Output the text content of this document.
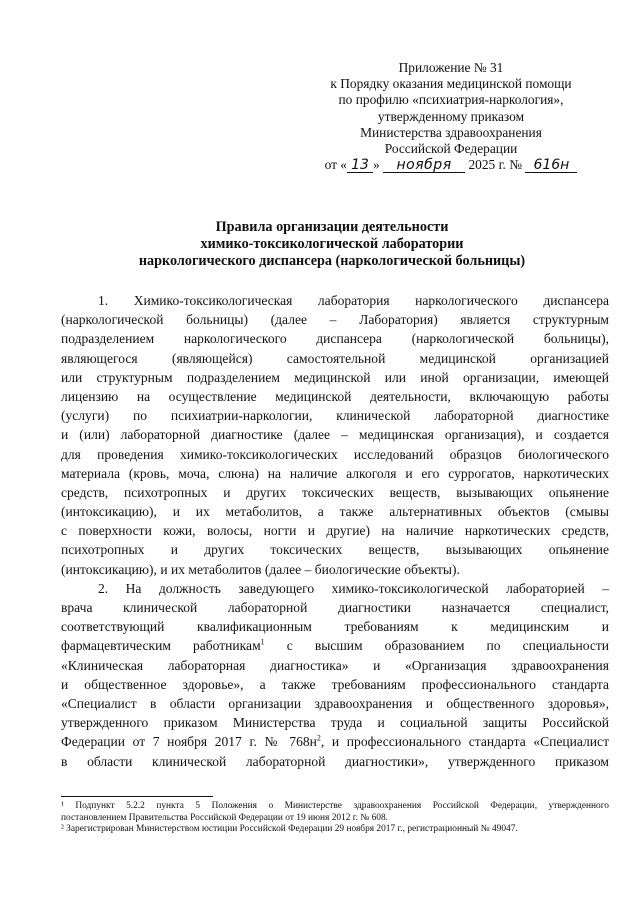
Приложение № 31
к Порядку оказания медицинской помощи
по профилю «психиатрия-наркология»,
утвержденному приказом
Министерства здравоохранения
Российской Федерации
от « 13 » ноября 2025 г. № 616н
Правила организации деятельности
химико-токсикологической лаборатории
наркологического диспансера (наркологической больницы)
1. Химико-токсикологическая лаборатория наркологического диспансера
(наркологической больницы) (далее – Лаборатория) является структурным
подразделением наркологического диспансера (наркологической больницы),
являющегося (являющейся) самостоятельной медицинской организацией
или структурным подразделением медицинской или иной организации, имеющей
лицензию на осуществление медицинской деятельности, включающую работы
(услуги) по психиатрии-наркологии, клинической лабораторной диагностике
и (или) лабораторной диагностике (далее – медицинская организация), и создается
для проведения химико-токсикологических исследований образцов биологического
материала (кровь, моча, слюна) на наличие алкоголя и его суррогатов, наркотических
средств, психотропных и других токсических веществ, вызывающих опьянение
(интоксикацию), и их метаболитов, а также альтернативных объектов (смывы
с поверхности кожи, волосы, ногти и другие) на наличие наркотических средств,
психотропных и других токсических веществ, вызывающих опьянение
(интоксикацию), и их метаболитов (далее – биологические объекты).
2. На должность заведующего химико-токсикологической лабораторией –
врача клинической лабораторной диагностики назначается специалист,
соответствующий квалификационным требованиям к медицинским и
фармацевтическим работникам$^1$ с высшим образованием по специальности
«Клиническая лабораторная диагностика» и «Организация здравоохранения
и общественное здоровье», а также требованиям профессионального стандарта
«Специалист в области организации здравоохранения и общественного здоровья»,
утвержденного приказом Министерства труда и социальной защиты Российской
Федерации от 7 ноября 2017 г. № $768н^2$, и профессионального стандарта «Специалист
в области клинической лабораторной диагностики», утвержденного приказом
¹ Подпункт 5.2.2 пункта 5 Положения о Министерстве здравоохранения Российской Федерации, утвержденного
постановлением Правительства Российской Федерации от 19 июня 2012 г. № 608.
² Зарегистрирован Министерством юстиции Российской Федерации 29 ноября 2017 г., регистрационный № 49047.
